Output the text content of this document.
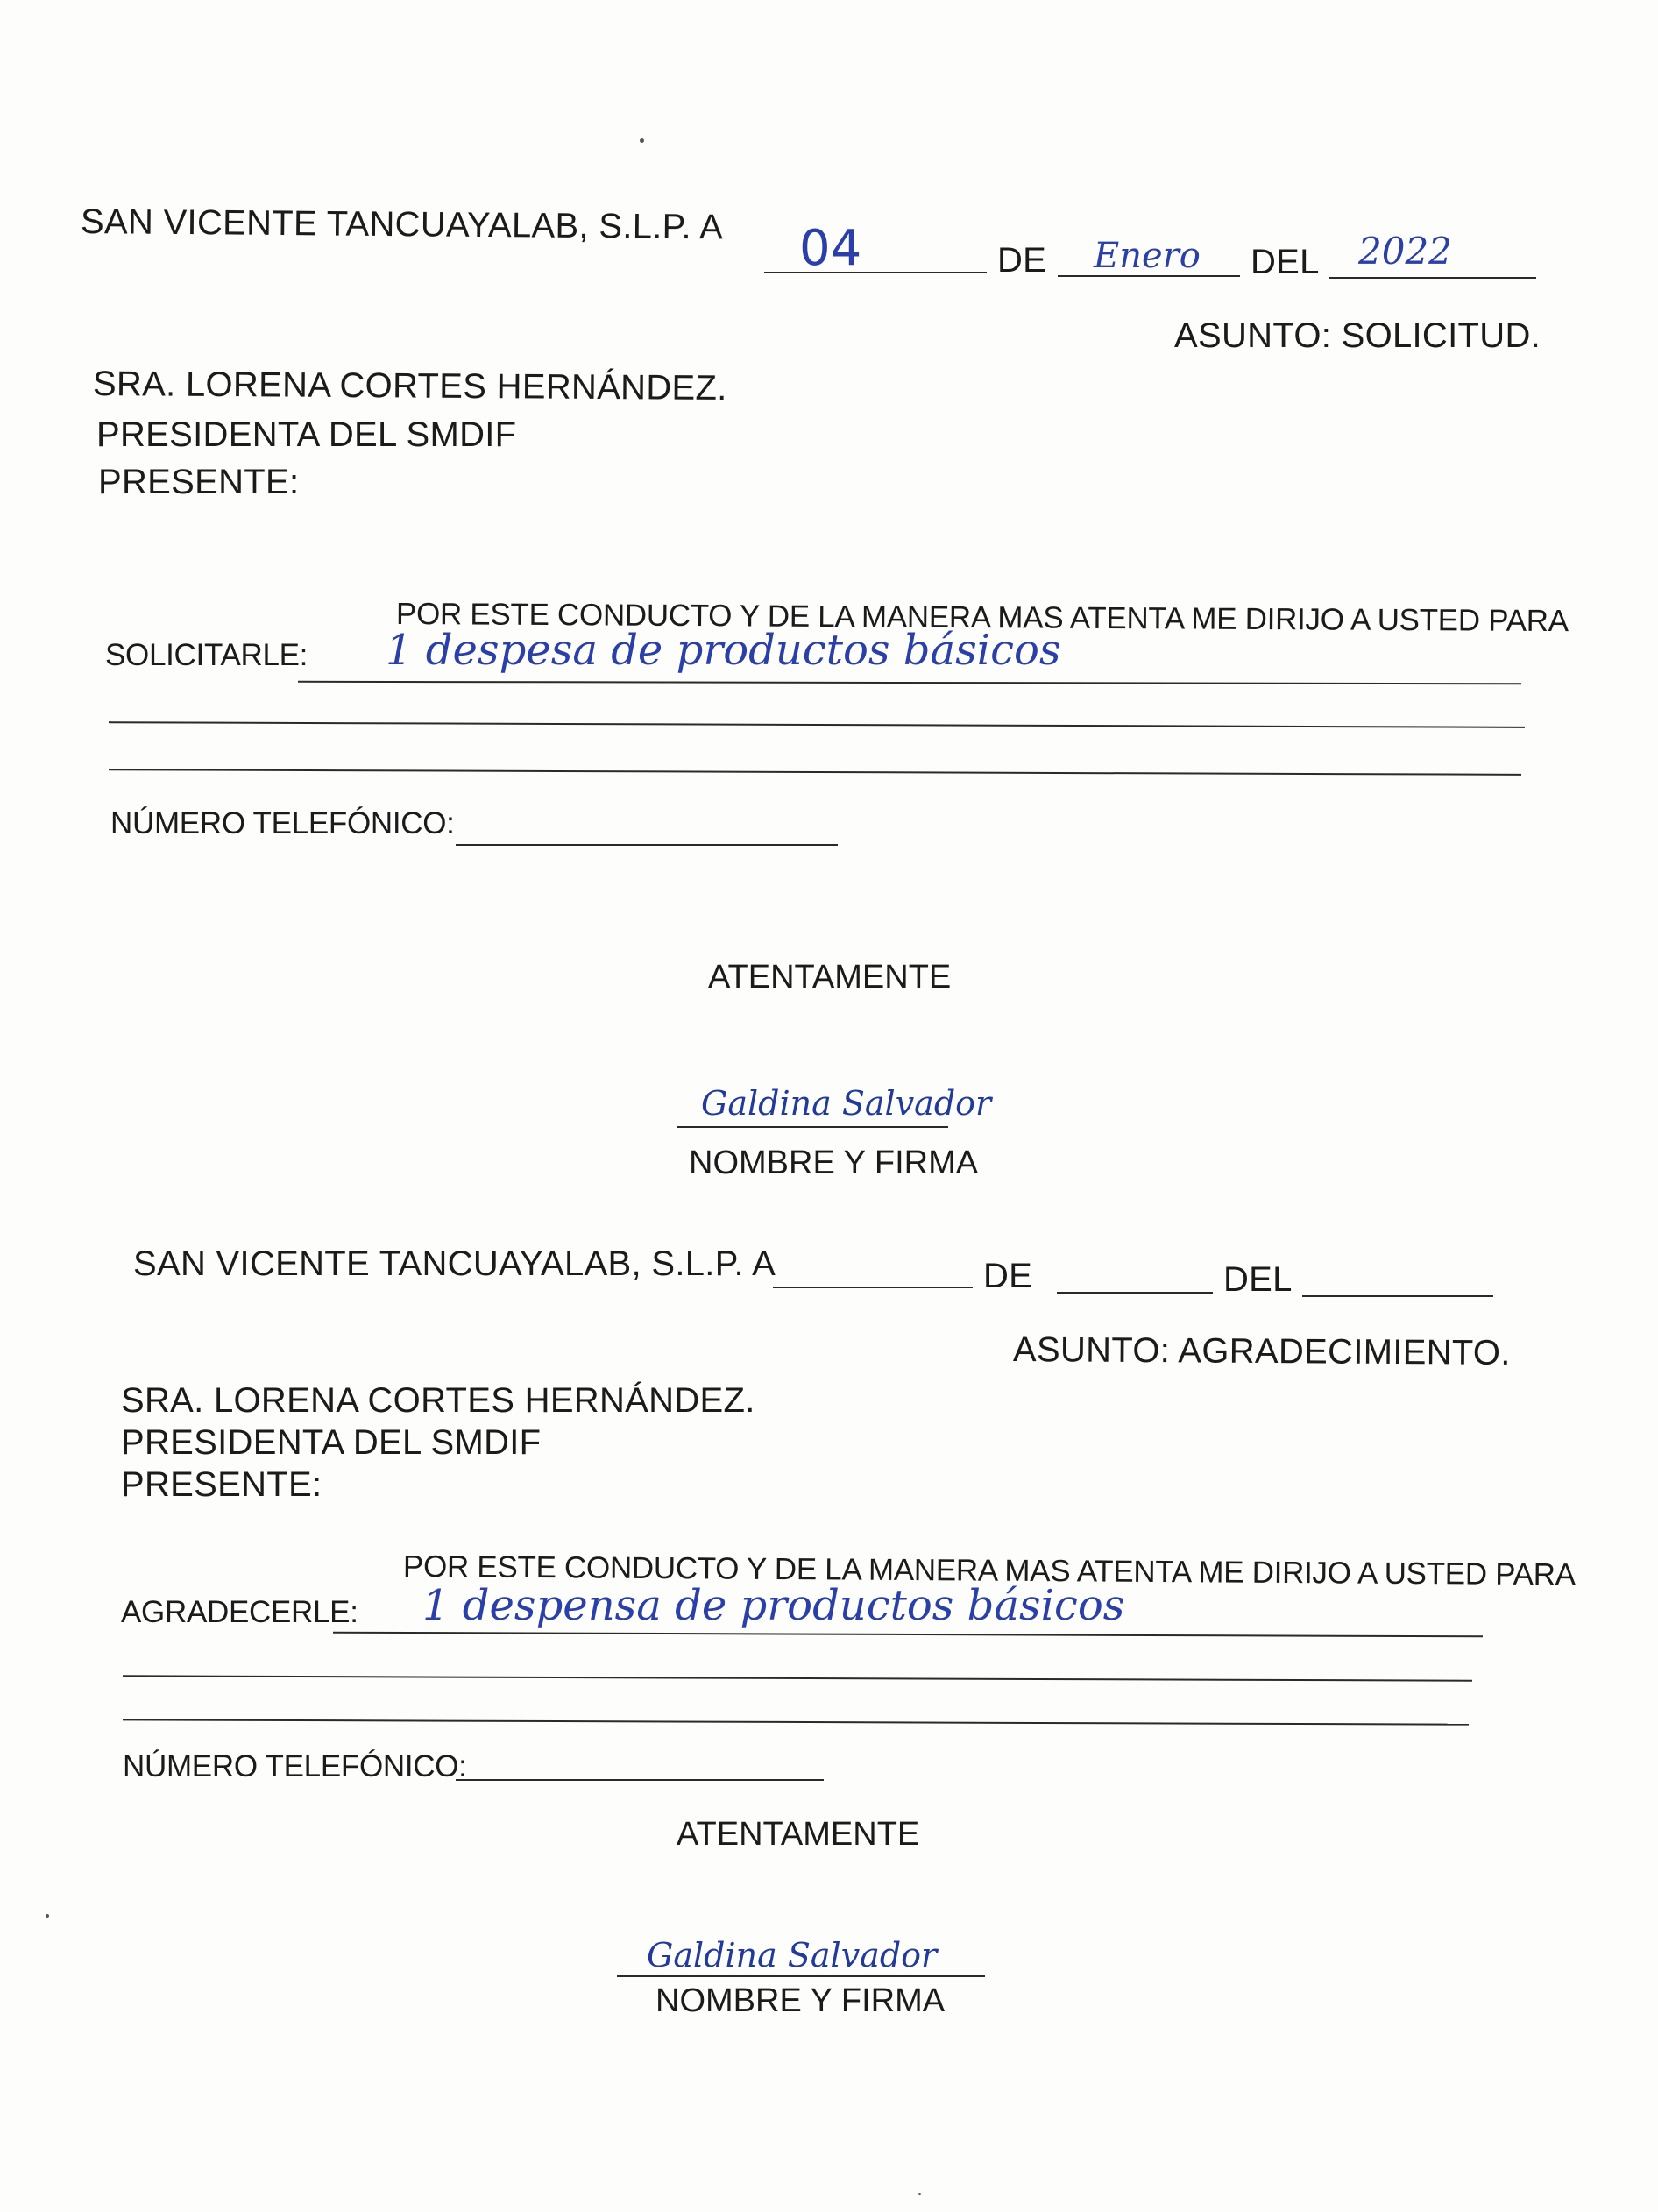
SAN VICENTE TANCUAYALAB, S.L.P. A 04	DE Enero DEL 2022
ASUNTO: SOLICITUD.
SRA. LORENA CORTES HERNÁNDEZ.
PRESIDENTA DEL SMDIF
PRESENTE:
POR ESTE CONDUCTO Y DE LA MANERA MAS ATENTA ME DIRIJO A USTED PARA
SOLICITARLE: 1 despesa de productos básicos
NÚMERO TELEFÓNICO:
ATENTAMENTE
Galdina Salvador
NOMBRE Y FIRMA
SAN VICENTE TANCUAYALAB, S.L.P. A	DE	DEL
ASUNTO: AGRADECIMIENTO.
SRA. LORENA CORTES HERNÁNDEZ.
PRESIDENTA DEL SMDIF
PRESENTE:
POR ESTE CONDUCTO Y DE LA MANERA MAS ATENTA ME DIRIJO A USTED PARA
AGRADECERLE: 1 despensa de productos básicos
NÚMERO TELEFÓNICO:
ATENTAMENTE
Galdina Salvador
NOMBRE Y FIRMA
